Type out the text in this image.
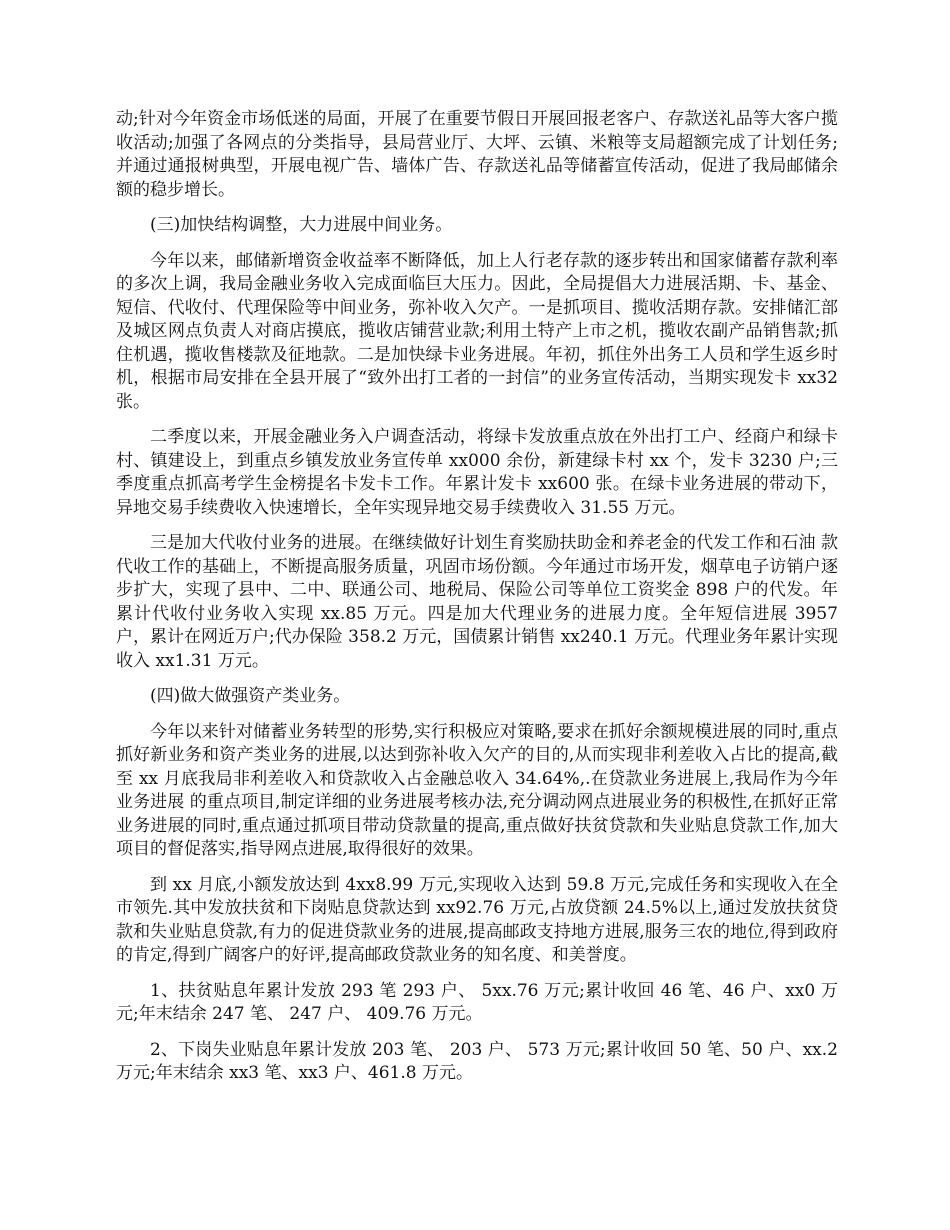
动;针对今年资金市场低迷的局面，开展了在重要节假日开展回报老客户、存款送礼品等大客户揽收活动;加强了各网点的分类指导，县局营业厅、大坪、云镇、米粮等支局超额完成了计划任务;并通过通报树典型，开展电视广告、墙体广告、存款送礼品等储蓄宣传活动，促进了我局邮储余额的稳步增长。

(三)加快结构调整，大力进展中间业务。

今年以来，邮储新增资金收益率不断降低，加上人行老存款的逐步转出和国家储蓄存款利率的多次上调，我局金融业务收入完成面临巨大压力。因此，全局提倡大力进展活期、卡、基金、短信、代收付、代理保险等中间业务，弥补收入欠产。一是抓项目、揽收活期存款。安排储汇部及城区网点负责人对商店摸底，揽收店铺营业款;利用土特产上市之机，揽收农副产品销售款;抓住机遇，揽收售楼款及征地款。二是加快绿卡业务进展。年初，抓住外出务工人员和学生返乡时机，根据市局安排在全县开展了“致外出打工者的一封信”的业务宣传活动，当期实现发卡 xx32 张。

二季度以来，开展金融业务入户调查活动，将绿卡发放重点放在外出打工户、经商户和绿卡村、镇建设上，到重点乡镇发放业务宣传单 xx000 余份，新建绿卡村 xx 个，发卡 3230 户;三季度重点抓高考学生金榜提名卡发卡工作。年累计发卡 xx600 张。在绿卡业务进展的带动下，异地交易手续费收入快速增长，全年实现异地交易手续费收入 31.55 万元。

三是加大代收付业务的进展。在继续做好计划生育奖励扶助金和养老金的代发工作和石油 款代收工作的基础上，不断提高服务质量，巩固市场份额。今年通过市场开发，烟草电子访销户逐步扩大，实现了县中、二中、联通公司、地税局、保险公司等单位工资奖金 898 户的代发。年累计代收付业务收入实现 xx.85 万元。四是加大代理业务的进展力度。全年短信进展 3957 户，累计在网近万户;代办保险 358.2 万元，国债累计销售 xx240.1 万元。代理业务年累计实现收入 xx1.31 万元。

(四)做大做强资产类业务。

今年以来针对储蓄业务转型的形势,实行积极应对策略,要求在抓好余额规模进展的同时,重点抓好新业务和资产类业务的进展,以达到弥补收入欠产的目的,从而实现非利差收入占比的提高,截至 xx 月底我局非利差收入和贷款收入占金融总收入 34.64%,.在贷款业务进展上,我局作为今年业务进展 的重点项目,制定详细的业务进展考核办法,充分调动网点进展业务的积极性,在抓好正常业务进展的同时,重点通过抓项目带动贷款量的提高,重点做好扶贫贷款和失业贴息贷款工作,加大项目的督促落实,指导网点进展,取得很好的效果。

到 xx 月底,小额发放达到 4xx8.99 万元,实现收入达到 59.8 万元,完成任务和实现收入在全市领先.其中发放扶贫和下岗贴息贷款达到 xx92.76 万元,占放贷额 24.5%以上,通过发放扶贫贷款和失业贴息贷款,有力的促进贷款业务的进展,提高邮政支持地方进展,服务三农的地位,得到政府的肯定,得到广阔客户的好评,提高邮政贷款业务的知名度、和美誉度。

1、扶贫贴息年累计发放 293 笔 293 户、 5xx.76 万元;累计收回 46 笔、46 户、xx0 万元;年末结余 247 笔、 247 户、 409.76 万元。

2、下岗失业贴息年累计发放 203 笔、 203 户、 573 万元;累计收回 50 笔、50 户、xx.2 万元;年末结余 xx3 笔、xx3 户、461.8 万元。
